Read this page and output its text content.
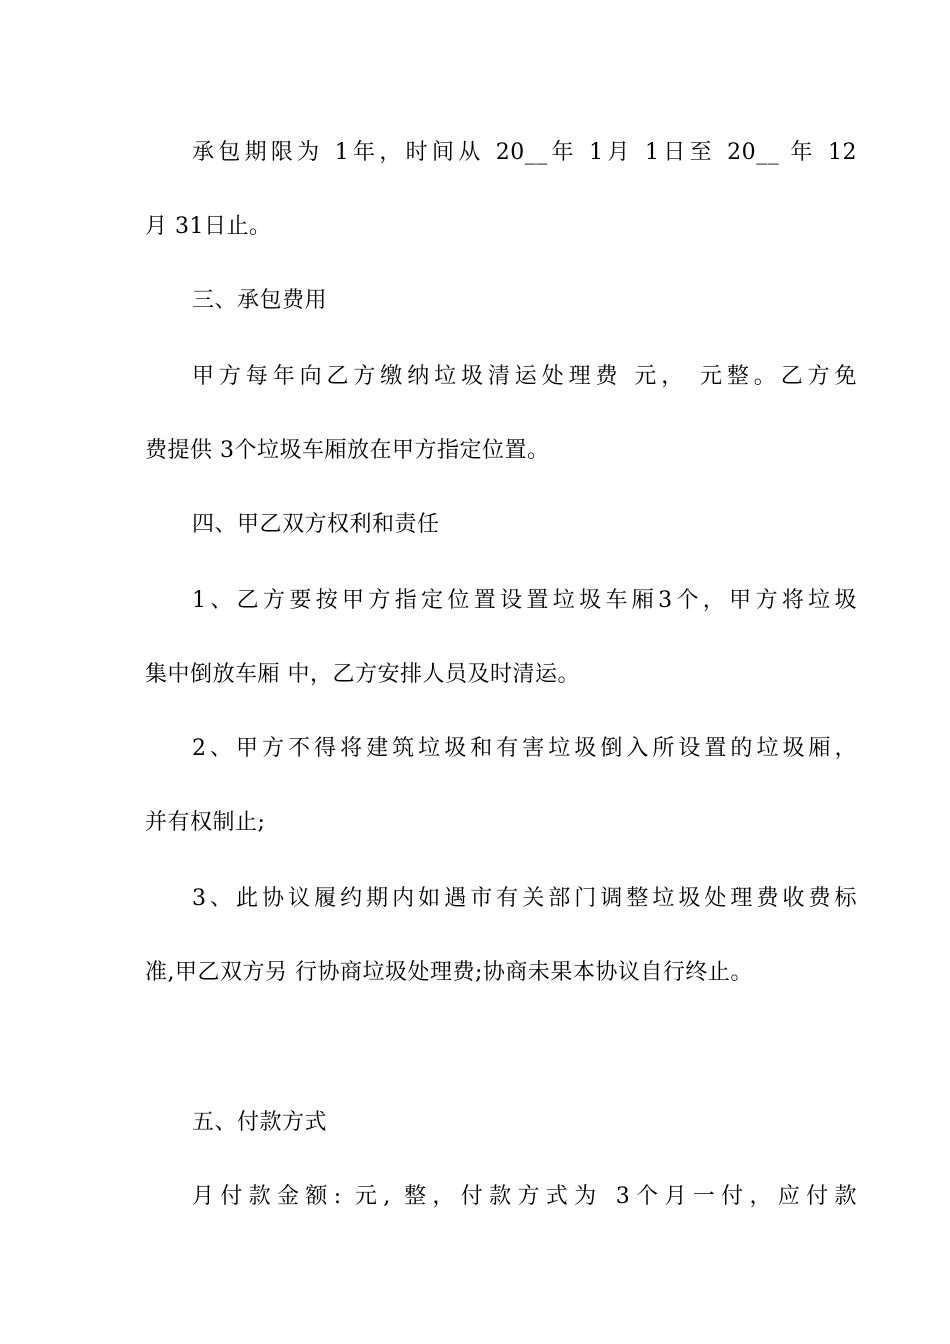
承包期限为 1年，时间从 20__年 1月 1日至 20__ 年 12
月 31日止。
三、承包费用
甲方每年向乙方缴纳垃圾清运处理费 元， 元整。乙方免
费提供 3个垃圾车厢放在甲方指定位置。
四、甲乙双方权利和责任
1、乙方要按甲方指定位置设置垃圾车厢3个，甲方将垃圾
集中倒放车厢 中，乙方安排人员及时清运。
2、甲方不得将建筑垃圾和有害垃圾倒入所设置的垃圾厢，
并有权制止;
3、此协议履约期内如遇市有关部门调整垃圾处理费收费标
准,甲乙双方另 行协商垃圾处理费;协商未果本协议自行终止。
五、付款方式
月付款金额: 元, 整，付款方式为 3个月一付，应付款
